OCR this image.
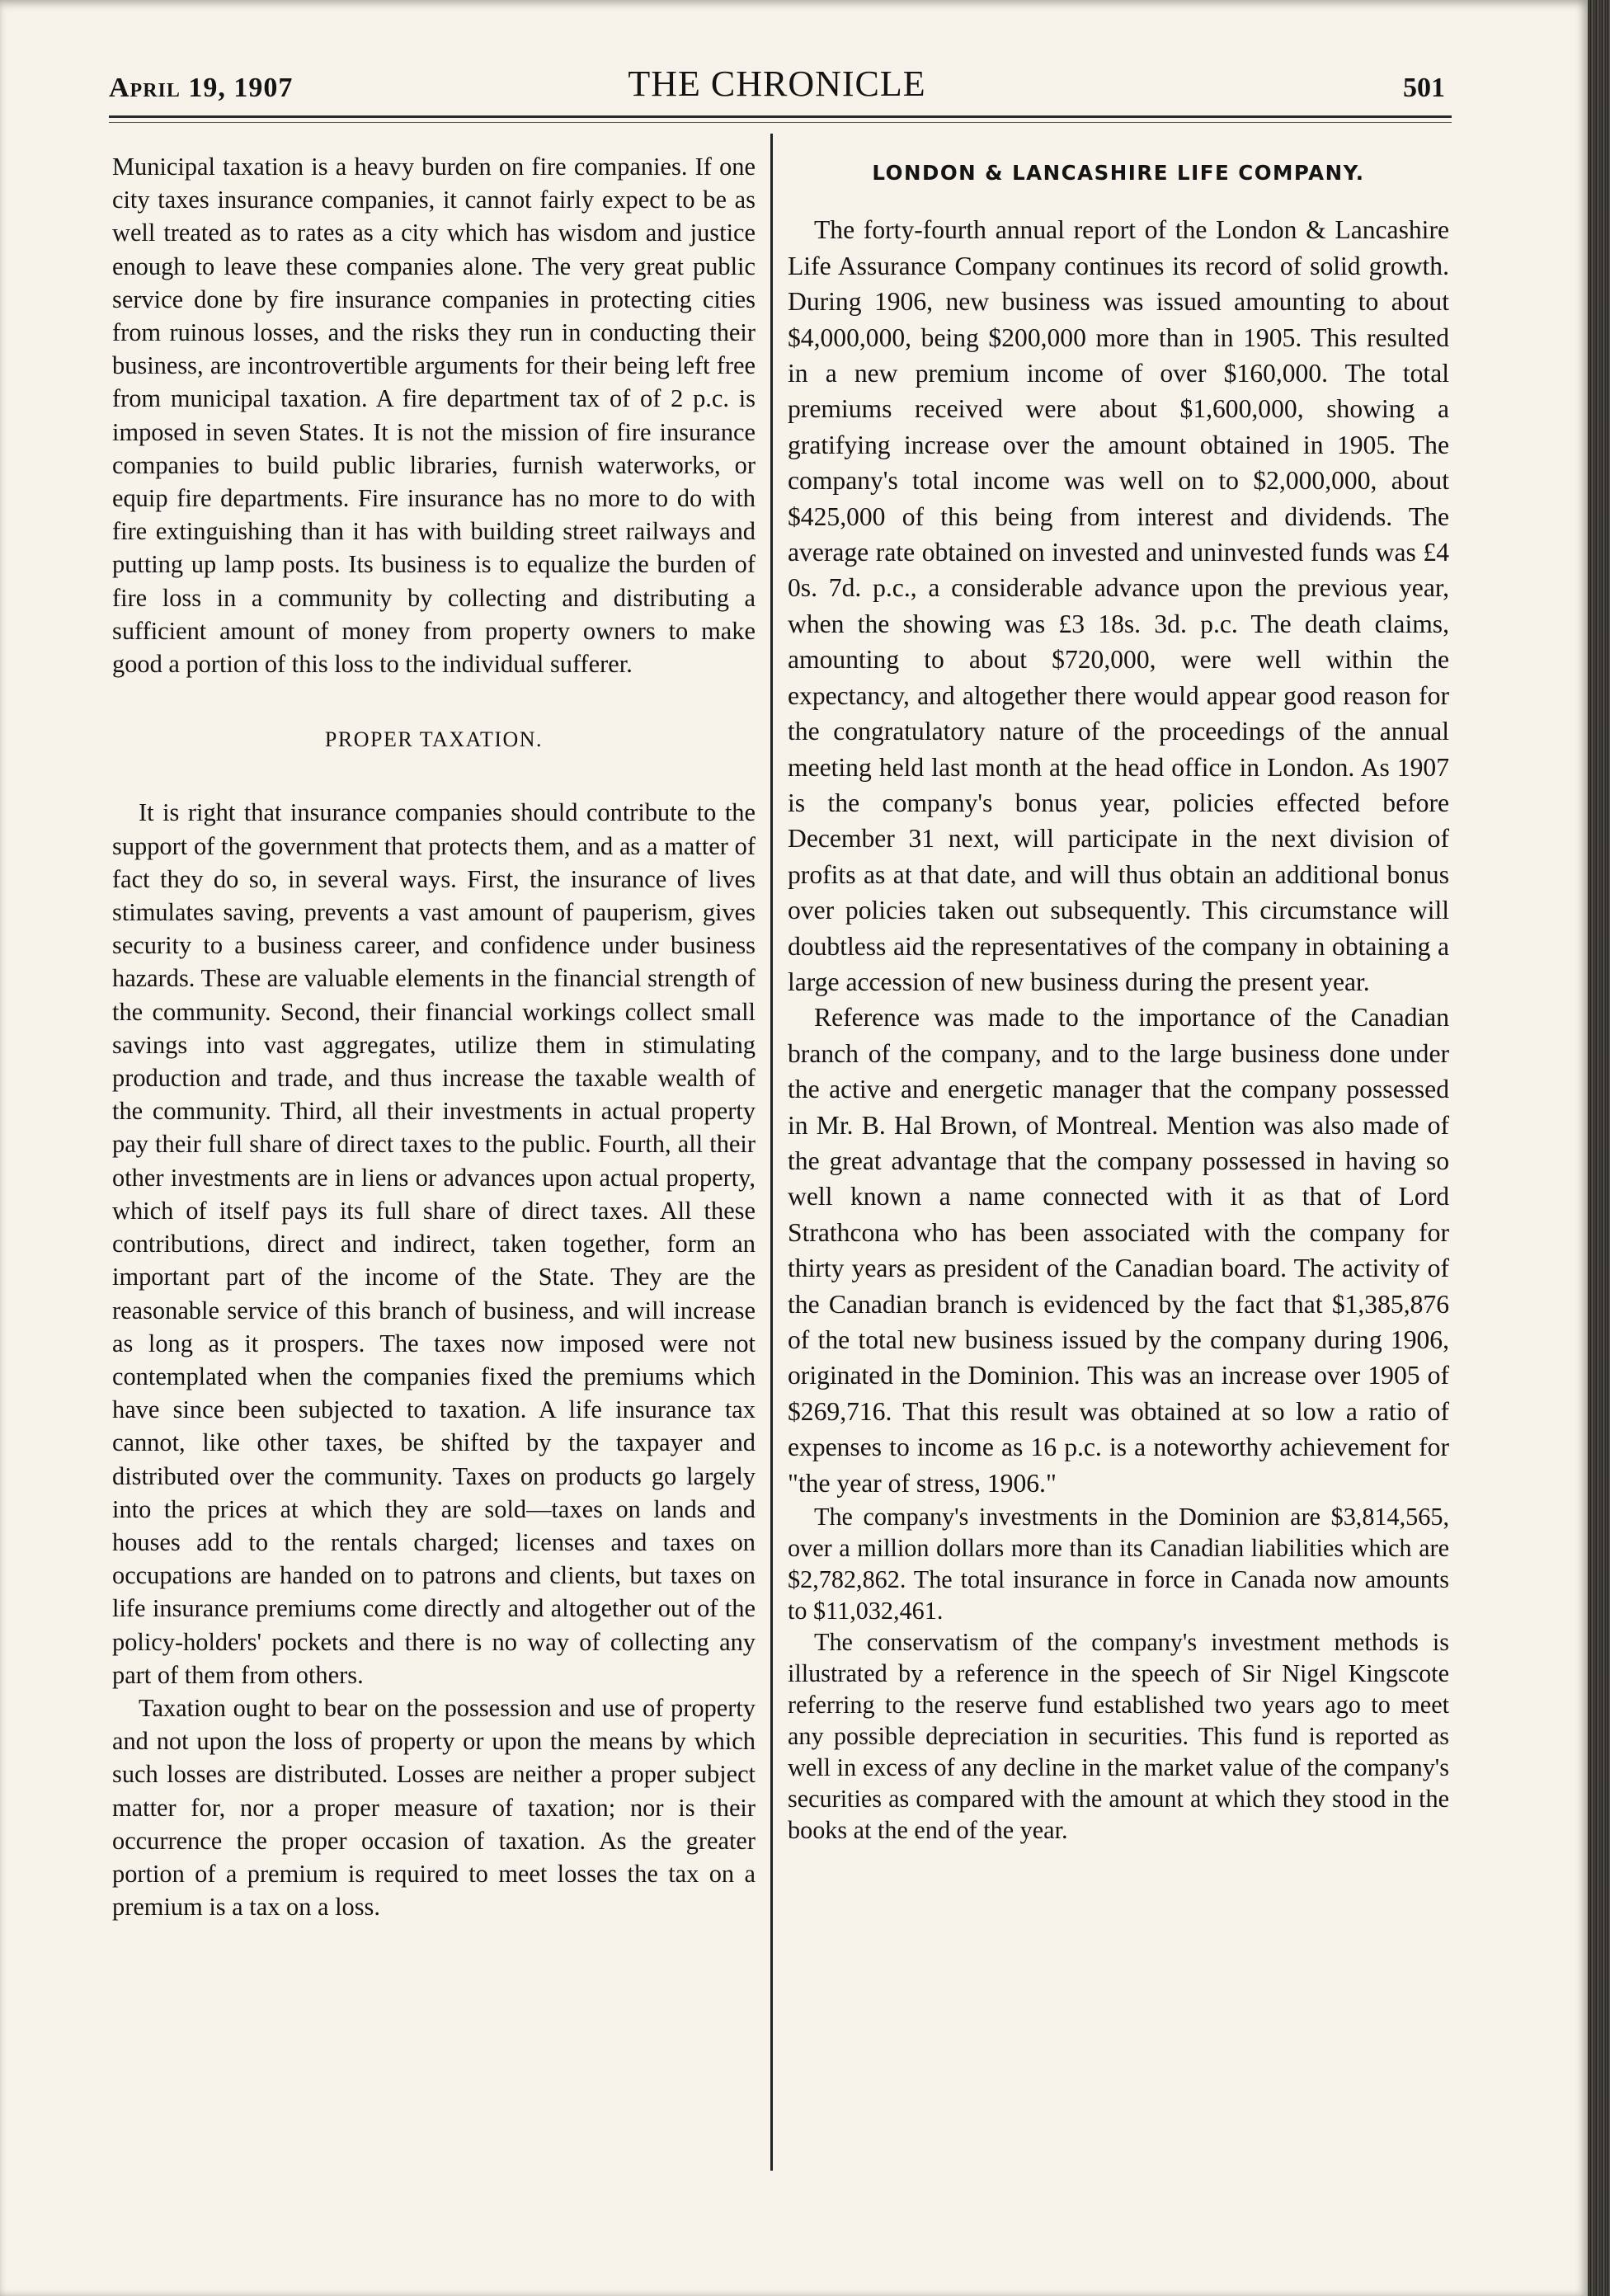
April 19, 1907	THE CHRONICLE	501

Municipal taxation is a heavy burden on fire companies. If one city taxes insurance companies, it cannot fairly expect to be as well treated as to rates as a city which has wisdom and justice enough to leave these companies alone. The very great public service done by fire insurance companies in protecting cities from ruinous losses, and the risks they run in conducting their business, are incontrovertible arguments for their being left free from municipal taxation. A fire department tax of of 2 p.c. is imposed in seven States. It is not the mission of fire insurance companies to build public libraries, furnish waterworks, or equip fire departments. Fire insurance has no more to do with fire extinguishing than it has with building street railways and putting up lamp posts. Its business is to equalize the burden of fire loss in a community by collecting and distributing a sufficient amount of money from property owners to make good a portion of this loss to the individual sufferer.

PROPER TAXATION.

It is right that insurance companies should contribute to the support of the government that protects them, and as a matter of fact they do so, in several ways. First, the insurance of lives stimulates saving, prevents a vast amount of pauperism, gives security to a business career, and confidence under business hazards. These are valuable elements in the financial strength of the community. Second, their financial workings collect small savings into vast aggregates, utilize them in stimulating production and trade, and thus increase the taxable wealth of the community. Third, all their investments in actual property pay their full share of direct taxes to the public. Fourth, all their other investments are in liens or advances upon actual property, which of itself pays its full share of direct taxes. All these contributions, direct and indirect, taken together, form an important part of the income of the State. They are the reasonable service of this branch of business, and will increase as long as it prospers. The taxes now imposed were not contemplated when the companies fixed the premiums which have since been subjected to taxation. A life insurance tax cannot, like other taxes, be shifted by the taxpayer and distributed over the community. Taxes on products go largely into the prices at which they are sold—taxes on lands and houses add to the rentals charged; licenses and taxes on occupations are handed on to patrons and clients, but taxes on life insurance premiums come directly and altogether out of the policy-holders' pockets and there is no way of collecting any part of them from others.

Taxation ought to bear on the possession and use of property and not upon the loss of property or upon the means by which such losses are distributed. Losses are neither a proper subject matter for, nor a proper measure of taxation; nor is their occurrence the proper occasion of taxation. As the greater portion of a premium is required to meet losses the tax on a premium is a tax on a loss.

LONDON & LANCASHIRE LIFE COMPANY.

The forty-fourth annual report of the London & Lancashire Life Assurance Company continues its record of solid growth. During 1906, new business was issued amounting to about $4,000,000, being $200,000 more than in 1905. This resulted in a new premium income of over $160,000. The total premiums received were about $1,600,000, showing a gratifying increase over the amount obtained in 1905. The company's total income was well on to $2,000,000, about $425,000 of this being from interest and dividends. The average rate obtained on invested and uninvested funds was £4 0s. 7d. p.c., a considerable advance upon the previous year, when the showing was £3 18s. 3d. p.c. The death claims, amounting to about $720,000, were well within the expectancy, and altogether there would appear good reason for the congratulatory nature of the proceedings of the annual meeting held last month at the head office in London. As 1907 is the company's bonus year, policies effected before December 31 next, will participate in the next division of profits as at that date, and will thus obtain an additional bonus over policies taken out subsequently. This circumstance will doubtless aid the representatives of the company in obtaining a large accession of new business during the present year.

Reference was made to the importance of the Canadian branch of the company, and to the large business done under the active and energetic manager that the company possessed in Mr. B. Hal Brown, of Montreal. Mention was also made of the great advantage that the company possessed in having so well known a name connected with it as that of Lord Strathcona who has been associated with the company for thirty years as president of the Canadian board. The activity of the Canadian branch is evidenced by the fact that $1,385,876 of the total new business issued by the company during 1906, originated in the Dominion. This was an increase over 1905 of $269,716. That this result was obtained at so low a ratio of expenses to income as 16 p.c. is a noteworthy achievement for "the year of stress, 1906."

The company's investments in the Dominion are $3,814,565, over a million dollars more than its Canadian liabilities which are $2,782,862. The total insurance in force in Canada now amounts to $11,032,461.

The conservatism of the company's investment methods is illustrated by a reference in the speech of Sir Nigel Kingscote referring to the reserve fund established two years ago to meet any possible depreciation in securities. This fund is reported as well in excess of any decline in the market value of the company's securities as compared with the amount at which they stood in the books at the end of the year.
